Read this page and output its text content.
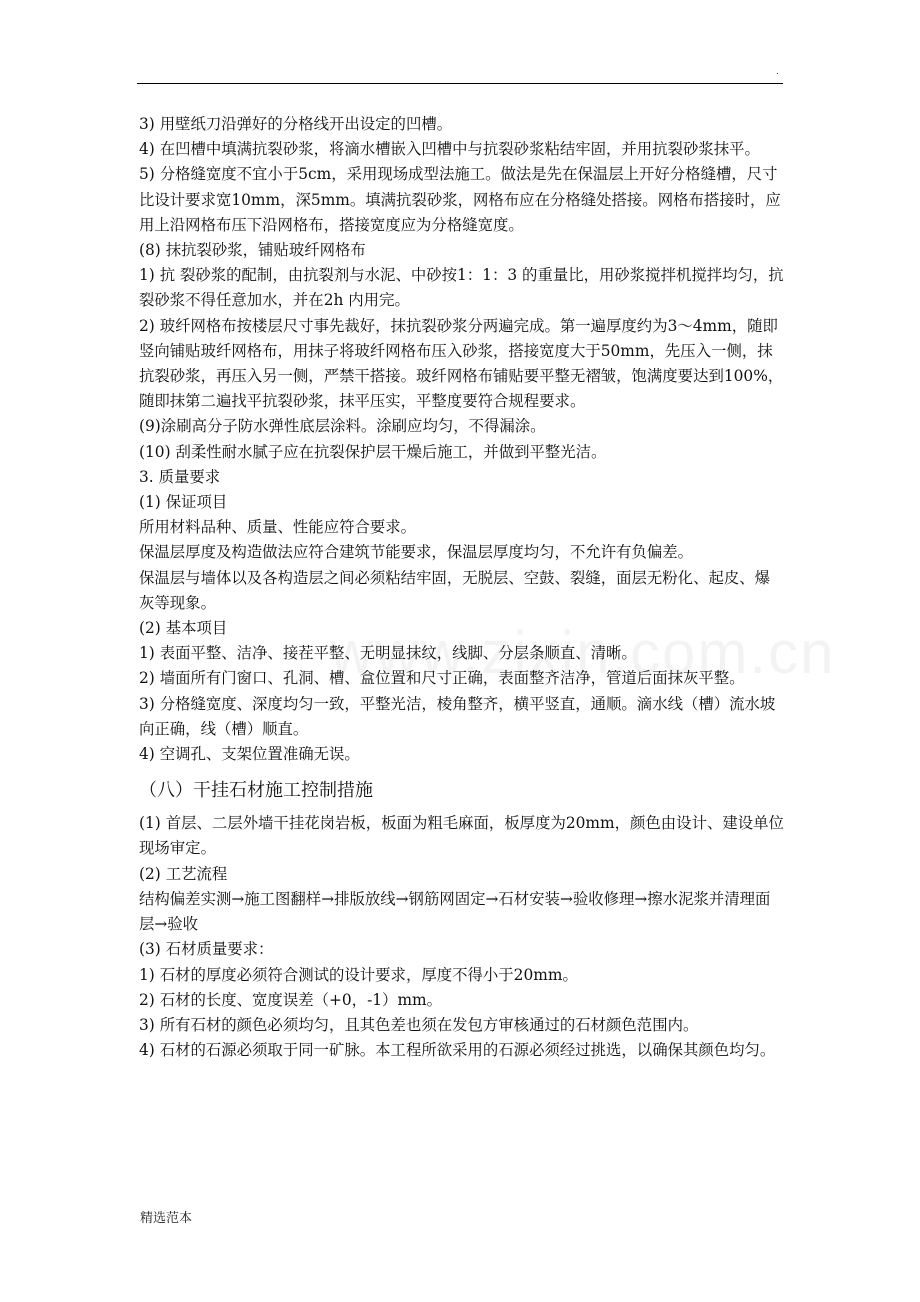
.

3) 用壁纸刀沿弹好的分格线开出设定的凹槽。

4) 在凹槽中填满抗裂砂浆，将滴水槽嵌入凹槽中与抗裂砂浆粘结牢固，并用抗裂砂浆抹平。

5) 分格缝宽度不宜小于5cm，采用现场成型法施工。做法是先在保温层上开好分格缝槽，尺寸比设计要求宽10mm，深5mm。填满抗裂砂浆，网格布应在分格缝处搭接。网格布搭接时，应用上沿网格布压下沿网格布，搭接宽度应为分格缝宽度。

(8) 抹抗裂砂浆，铺贴玻纤网格布

1) 抗 裂砂浆的配制，由抗裂剂与水泥、中砂按1：1：3 的重量比，用砂浆搅拌机搅拌均匀，抗裂砂浆不得任意加水，并在2h 内用完。

2) 玻纤网格布按楼层尺寸事先裁好，抹抗裂砂浆分两遍完成。第一遍厚度约为3～4mm，随即竖向铺贴玻纤网格布，用抹子将玻纤网格布压入砂浆，搭接宽度大于50mm，先压入一侧，抹抗裂砂浆，再压入另一侧，严禁干搭接。玻纤网格布铺贴要平整无褶皱，饱满度要达到100%，随即抹第二遍找平抗裂砂浆，抹平压实，平整度要符合规程要求。

(9)涂刷高分子防水弹性底层涂料。涂刷应均匀，不得漏涂。

(10) 刮柔性耐水腻子应在抗裂保护层干燥后施工，并做到平整光洁。

3. 质量要求

(1) 保证项目

所用材料品种、质量、性能应符合要求。

保温层厚度及构造做法应符合建筑节能要求，保温层厚度均匀，不允许有负偏差。

保温层与墙体以及各构造层之间必须粘结牢固，无脱层、空鼓、裂缝，面层无粉化、起皮、爆灰等现象。

(2) 基本项目

1) 表面平整、洁净、接茬平整、无明显抹纹，线脚、分层条顺直、清晰。

2) 墙面所有门窗口、孔洞、槽、盒位置和尺寸正确，表面整齐洁净，管道后面抹灰平整。

3) 分格缝宽度、深度均匀一致，平整光洁，棱角整齐，横平竖直，通顺。滴水线（槽）流水坡向正确，线（槽）顺直。

4) 空调孔、支架位置准确无误。

（八）干挂石材施工控制措施

(1) 首层、二层外墙干挂花岗岩板，板面为粗毛麻面，板厚度为20mm，颜色由设计、建设单位现场审定。

(2) 工艺流程

结构偏差实测→施工图翻样→排版放线→钢筋网固定→石材安装→验收修理→擦水泥浆并清理面层→验收

(3) 石材质量要求：

1) 石材的厚度必须符合测试的设计要求，厚度不得小于20mm。

2) 石材的长度、宽度误差（+0，-1）mm。

3) 所有石材的颜色必须均匀，且其色差也须在发包方审核通过的石材颜色范围内。

4) 石材的石源必须取于同一矿脉。本工程所欲采用的石源必须经过挑选，以确保其颜色均匀。

精选范本
